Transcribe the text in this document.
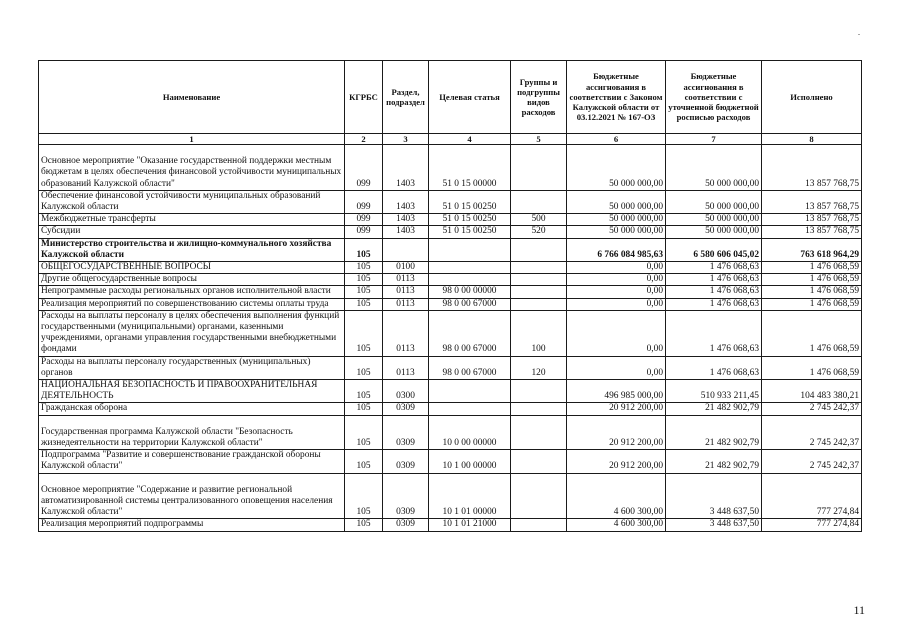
.
Наименование	КГРБС	Раздел, подраздел	Целевая статья	Группы и подгруппы видов расходов	Бюджетные ассигнования в соответствии с Законом Калужской области от 03.12.2021 № 167-ОЗ	Бюджетные ассигнования в соответствии с уточненной бюджетной росписью расходов	Исполнено
1	2	3	4	5	6	7	8

Основное мероприятие "Оказание государственной поддержки местным бюджетам в целях обеспечения финансовой устойчивости муниципальных образований Калужской области"	099	1403	51 0 15 00000		50 000 000,00	50 000 000,00	13 857 768,75
Обеспечение финансовой устойчивости муниципальных образований Калужской области	099	1403	51 0 15 00250		50 000 000,00	50 000 000,00	13 857 768,75
Межбюджетные трансферты	099	1403	51 0 15 00250	500	50 000 000,00	50 000 000,00	13 857 768,75
Субсидии	099	1403	51 0 15 00250	520	50 000 000,00	50 000 000,00	13 857 768,75
Министерство строительства и жилищно-коммунального хозяйства Калужской области	105				6 766 084 985,63	6 580 606 045,02	763 618 964,29
ОБЩЕГОСУДАРСТВЕННЫЕ ВОПРОСЫ	105	0100			0,00	1 476 068,63	1 476 068,59
Другие общегосударственные вопросы	105	0113			0,00	1 476 068,63	1 476 068,59
Непрограммные расходы региональных органов исполнительной власти	105	0113	98 0 00 00000		0,00	1 476 068,63	1 476 068,59
Реализация мероприятий по совершенствованию системы оплаты труда	105	0113	98 0 00 67000		0,00	1 476 068,63	1 476 068,59
Расходы на выплаты персоналу в целях обеспечения выполнения функций государственными (муниципальными) органами, казенными учреждениями, органами управления государственными внебюджетными фондами	105	0113	98 0 00 67000	100	0,00	1 476 068,63	1 476 068,59
Расходы на выплаты персоналу государственных (муниципальных) органов	105	0113	98 0 00 67000	120	0,00	1 476 068,63	1 476 068,59
НАЦИОНАЛЬНАЯ БЕЗОПАСНОСТЬ И ПРАВООХРАНИТЕЛЬНАЯ ДЕЯТЕЛЬНОСТЬ	105	0300			496 985 000,00	510 933 211,45	104 483 380,21
Гражданская оборона	105	0309			20 912 200,00	21 482 902,79	2 745 242,37

Государственная программа Калужской области "Безопасность жизнедеятельности на территории Калужской области"	105	0309	10 0 00 00000		20 912 200,00	21 482 902,79	2 745 242,37
Подпрограмма "Развитие и совершенствование гражданской обороны Калужской области"	105	0309	10 1 00 00000		20 912 200,00	21 482 902,79	2 745 242,37

Основное мероприятие "Содержание и развитие региональной автоматизированной системы централизованного оповещения населения Калужской области"	105	0309	10 1 01 00000		4 600 300,00	3 448 637,50	777 274,84
Реализация мероприятий подпрограммы	105	0309	10 1 01 21000		4 600 300,00	3 448 637,50	777 274,84
11
